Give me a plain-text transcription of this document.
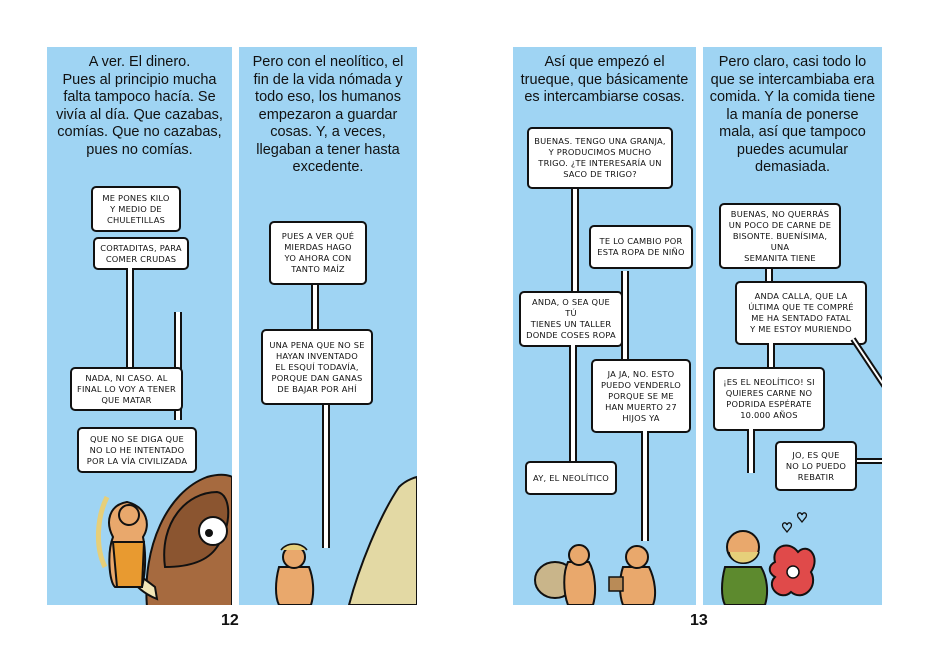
A ver. El dinero.
Pues al principio mucha
falta tampoco hacía. Se
vivía al día. Que cazabas,
comías. Que no cazabas,
pues no comías.
ME PONES KILO
Y MEDIO DE
CHULETILLAS
CORTADITAS, PARA
COMER CRUDAS
NADA, NI CASO. AL
FINAL LO VOY A TENER
QUE MATAR
QUE NO SE DIGA QUE
NO LO HE INTENTADO
POR LA VÍA CIVILIZADA
Pero con el neolítico, el
fin de la vida nómada y
todo eso, los humanos
empezaron a guardar
cosas. Y, a veces,
llegaban a tener hasta
excedente.
PUES A VER QUÉ
MIERDAS HAGO
YO AHORA CON
TANTO MAÍZ
UNA PENA QUE NO SE
HAYAN INVENTADO
EL ESQUÍ TODAVÍA,
PORQUE DAN GANAS
DE BAJAR POR AHÍ
12
Así que empezó el
trueque, que básicamente
es intercambiarse cosas.
BUENAS. TENGO UNA GRANJA,
Y PRODUCIMOS MUCHO
TRIGO. ¿TE INTERESARÍA UN
SACO DE TRIGO?
TE LO CAMBIO POR
ESTA ROPA DE NIÑO
ANDA, O SEA QUE TÚ
TIENES UN TALLER
DONDE COSES ROPA
JA JA, NO. ESTO
PUEDO VENDERLO
PORQUE SE ME
HAN MUERTO 27
HIJOS YA
AY, EL NEOLÍTICO
Pero claro, casi todo lo
que se intercambiaba era
comida. Y la comida tiene
la manía de ponerse
mala, así que tampoco
puedes acumular
demasiada.
BUENAS, NO QUERRÁS
UN POCO DE CARNE DE
BISONTE. BUENÍSIMA, UNA
SEMANITA TIENE
ANDA CALLA, QUE LA
ÚLTIMA QUE TE COMPRÉ
ME HA SENTADO FATAL
Y ME ESTOY MURIENDO
¡ES EL NEOLÍTICO! SI
QUIERES CARNE NO
PODRIDA ESPÉRATE
10.000 AÑOS
JO, ES QUE
NO LO PUEDO
REBATIR
13
